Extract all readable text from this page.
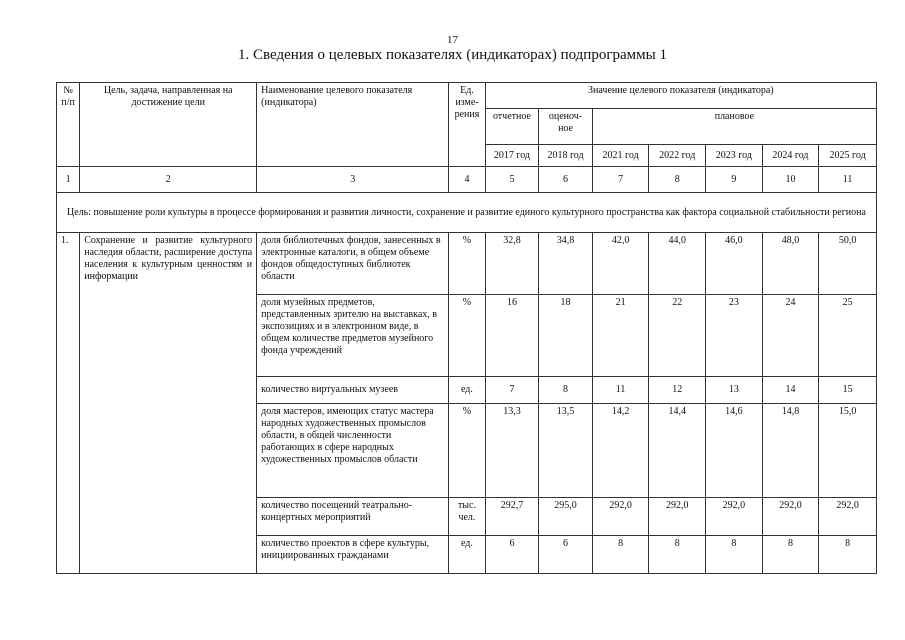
17
1. Сведения о целевых показателях (индикаторах) подпрограммы 1
№ п/п	Цель, задача, направленная на достижение цели	Наименование целевого показателя (индикатора)	Ед. изме-рения	Значение целевого показателя (индикатора)						
				отчетное	оценоч-ное	плановое				
				2017 год	2018 год	2021 год	2022 год	2023 год	2024 год	2025 год
1	2	3	4	5	6	7	8	9	10	11
Цель: повышение роли культуры в процессе формирования и развития личности, сохранение и развитие единого культурного пространства как фактора социальной стабильности региона										
1.	Сохранение и развитие культурного наследия области, расширение доступа населения к культурным ценностям и информации	доля библиотечных фондов, занесенных в электронные каталоги, в общем объеме фондов общедоступных библиотек области	%	32,8	34,8	42,0	44,0	46,0	48,0	50,0
		доля музейных предметов, представленных зрителю на выставках, в экспозициях и в электронном виде, в общем количестве предметов музейного фонда учреждений	%	16	18	21	22	23	24	25
		количество виртуальных музеев	ед.	7	8	11	12	13	14	15
		доля мастеров, имеющих статус мастера народных художественных промыслов области, в общей численности работающих в сфере народных художественных промыслов области	%	13,3	13,5	14,2	14,4	14,6	14,8	15,0
		количество посещений театрально-концертных мероприятий	тыс. чел.	292,7	295,0	292,0	292,0	292,0	292,0	292,0
		количество проектов в сфере культуры, инициированных гражданами	ед.	6	6	8	8	8	8	8
